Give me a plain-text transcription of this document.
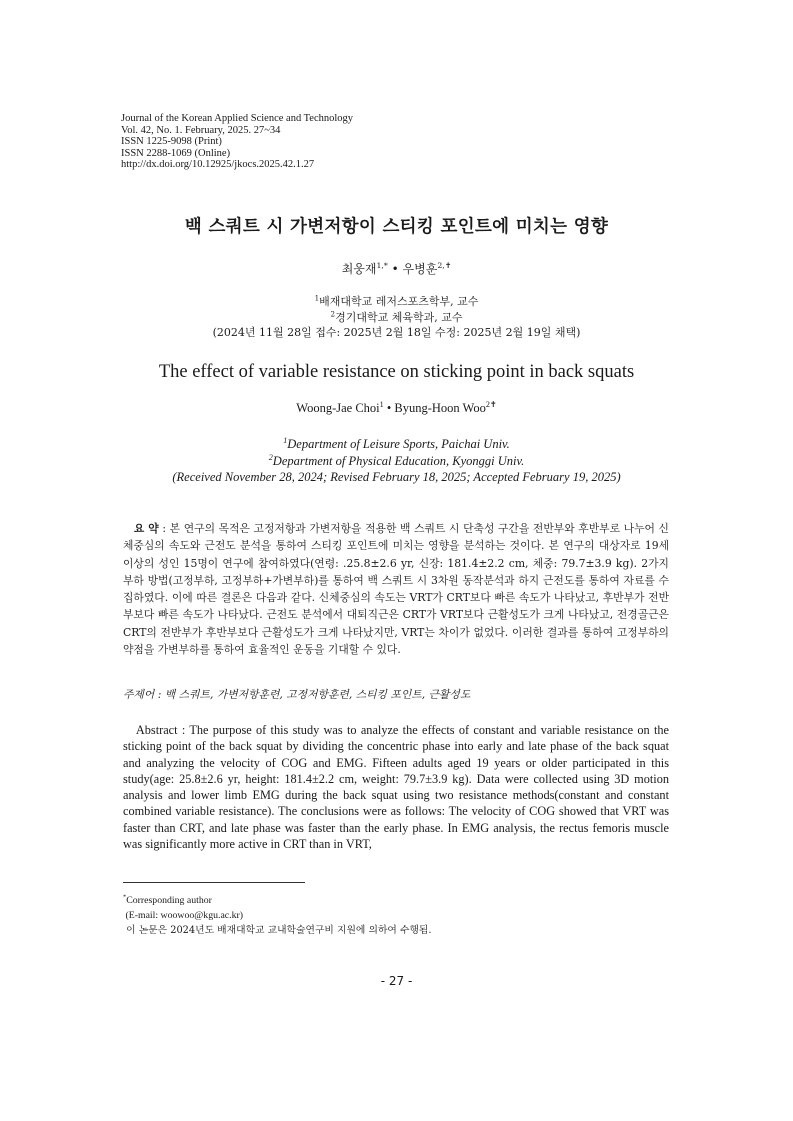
Journal of the Korean Applied Science and Technology
Vol. 42, No. 1. February, 2025. 27~34
ISSN 1225-9098 (Print)
ISSN 2288-1069 (Online)
http://dx.doi.org/10.12925/jkocs.2025.42.1.27
백 스쿼트 시 가변저항이 스티킹 포인트에 미치는 영향
최웅재$^{1,*}$ • 우병훈$^{2,✝}$
$^1$배재대학교 레저스포츠학부, 교수
$^2$경기대학교 체육학과, 교수
(2024년 11월 28일 접수: 2025년 2월 18일 수정: 2025년 2월 19일 채택)
The effect of variable resistance on sticking point in back squats
Woong-Jae Choi$^1$ • Byung-Hoon Woo$^{2✝}$
$^1$Department of Leisure Sports, Paichai Univ.
$^2$Department of Physical Education, Kyonggi Univ.
(Received November 28, 2024; Revised February 18, 2025; Accepted February 19, 2025)
요 약 : 본 연구의 목적은 고정저항과 가변저항을 적용한 백 스쿼트 시 단축성 구간을 전반부와 후반부로 나누어 신체중심의 속도와 근전도 분석을 통하여 스티킹 포인트에 미치는 영향을 분석하는 것이다. 본 연구의 대상자로 19세 이상의 성인 15명이 연구에 참여하였다(연령: .25.8±2.6 yr, 신장: 181.4±2.2 cm, 체중: 79.7±3.9 kg). 2가지 부하 방법(고정부하, 고정부하+가변부하)를 통하여 백 스쿼트 시 3차원 동작분석과 하지 근전도를 통하여 자료를 수집하였다. 이에 따른 결론은 다음과 같다. 신체중심의 속도는 VRT가 CRT보다 빠른 속도가 나타났고, 후반부가 전반부보다 빠른 속도가 나타났다. 근전도 분석에서 대퇴직근은 CRT가 VRT보다 근활성도가 크게 나타났고, 전경골근은 CRT의 전반부가 후반부보다 근활성도가 크게 나타났지만, VRT는 차이가 없었다. 이러한 결과를 통하여 고정부하의 약점을 가변부하를 통하여 효율적인 운동을 기대할 수 있다.
주제어 : 백 스쿼트, 가변저항훈련, 고정저항훈련, 스티킹 포인트, 근활성도
Abstract : The purpose of this study was to analyze the effects of constant and variable resistance on the sticking point of the back squat by dividing the concentric phase into early and late phase of the back squat and analyzing the velocity of COG and EMG. Fifteen adults aged 19 years or older participated in this study(age: 25.8±2.6 yr, height: 181.4±2.2 cm, weight: 79.7±3.9 kg). Data were collected using 3D motion analysis and lower limb EMG during the back squat using two resistance methods(constant and constant combined variable resistance). The conclusions were as follows: The velocity of COG showed that VRT was faster than CRT, and late phase was faster than the early phase. In EMG analysis, the rectus femoris muscle was significantly more active in CRT than in VRT,
*Corresponding author
(E-mail: woowoo@kgu.ac.kr)
이 논문은 2024년도 배재대학교 교내학술연구비 지원에 의하여 수행됨.
- 27 -
